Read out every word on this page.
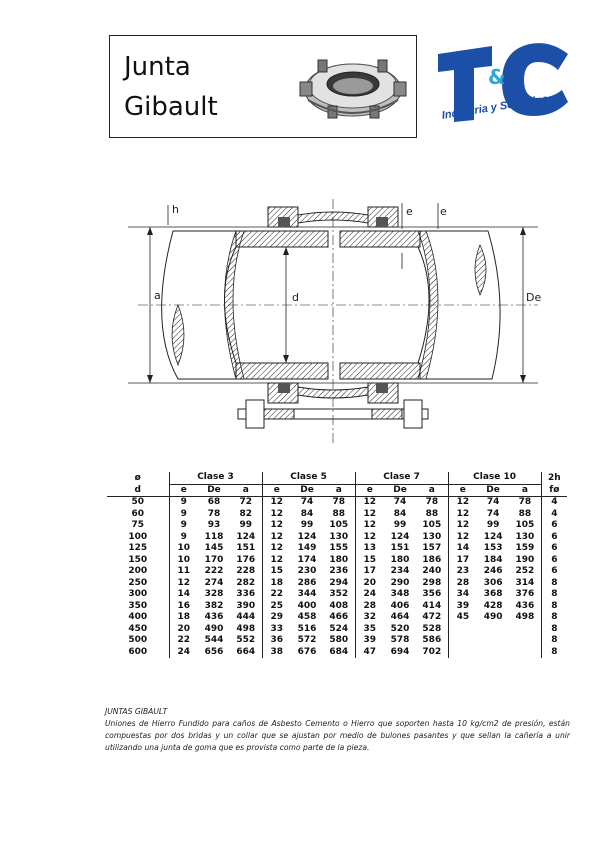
Junta
Gibault
&
Industria y Servicios
h	e e
a	d	De
ø	Clase 3			Clase 5			Clase 7			Clase 10			2h
d	e	De	a	e	De	a	e	De	a	e	De	a	fø
50	9	68	72	12	74	78	12	74	78	12	74	78	4
60	9	78	82	12	84	88	12	84	88	12	74	88	4
75	9	93	99	12	99	105	12	99	105	12	99	105	6
100	9	118	124	12	124	130	12	124	130	12	124	130	6
125	10	145	151	12	149	155	13	151	157	14	153	159	6
150	10	170	176	12	174	180	15	180	186	17	184	190	6
200	11	222	228	15	230	236	17	234	240	23	246	252	6
250	12	274	282	18	286	294	20	290	298	28	306	314	8
300	14	328	336	22	344	352	24	348	356	34	368	376	8
350	16	382	390	25	400	408	28	406	414	39	428	436	8
400	18	436	444	29	458	466	32	464	472	45	490	498	8
450	20	490	498	33	516	524	35	520	528				8
500	22	544	552	36	572	580	39	578	586				8
600	24	656	664	38	676	684	47	694	702				8
JUNTAS GIBAULT
Uniones de Hierro Fundido para caños de Asbesto Cemento o Hierro que soporten hasta 10 kg/cm2 de presión, están compuestas por dos bridas y un collar que se ajustan por medio de bulones pasantes y que sellan la cañería a unir utilizando una junta de goma que es provista como parte de la pieza.
